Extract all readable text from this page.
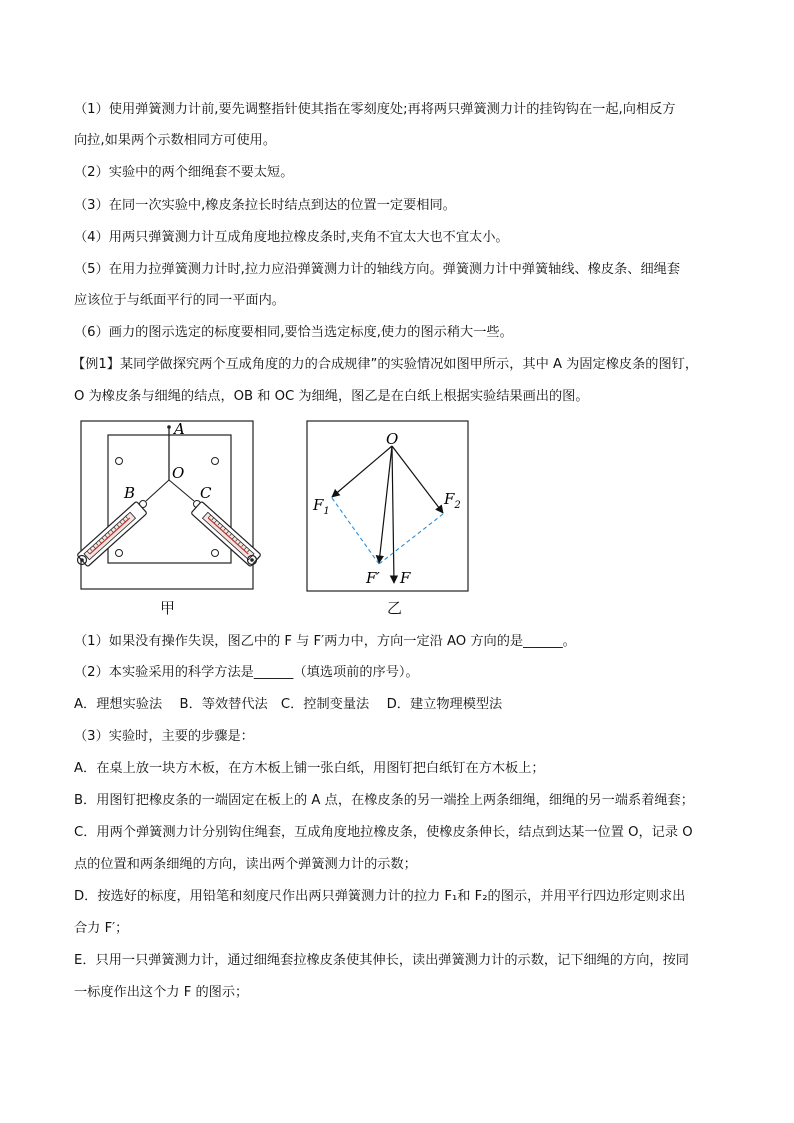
（1）使用弹簧测力计前,要先调整指针使其指在零刻度处;再将两只弹簧测力计的挂钩钩在一起,向相反方
向拉,如果两个示数相同方可使用。
（2）实验中的两个细绳套不要太短。
（3）在同一次实验中,橡皮条拉长时结点到达的位置一定要相同。
（4）用两只弹簧测力计互成角度地拉橡皮条时,夹角不宜太大也不宜太小。
（5）在用力拉弹簧测力计时,拉力应沿弹簧测力计的轴线方向。弹簧测力计中弹簧轴线、橡皮条、细绳套
应该位于与纸面平行的同一平面内。
（6）画力的图示选定的标度要相同,要恰当选定标度,使力的图示稍大一些。
【例1】某同学做探究两个互成角度的力的合成规律”的实验情况如图甲所示，其中 A 为固定橡皮条的图钉，
O 为橡皮条与细绳的结点，OB 和 OC 为细绳，图乙是在白纸上根据实验结果画出的图。
A
O
B	C
甲
O
$F_1$
$F_2$
F′ F
乙
（1）如果没有操作失误，图乙中的 F 与 F′两力中，方向一定沿 AO 方向的是______。
（2）本实验采用的科学方法是______（填选项前的序号）。
A．理想实验法　 B．等效替代法　C．控制变量法　 D．建立物理模型法
（3）实验时，主要的步骤是：
A．在桌上放一块方木板，在方木板上铺一张白纸，用图钉把白纸钉在方木板上；
B．用图钉把橡皮条的一端固定在板上的 A 点，在橡皮条的另一端拴上两条细绳，细绳的另一端系着绳套；
C．用两个弹簧测力计分别钩住绳套，互成角度地拉橡皮条，使橡皮条伸长，结点到达某一位置 O，记录 O
点的位置和两条细绳的方向，读出两个弹簧测力计的示数；
D．按选好的标度，用铅笔和刻度尺作出两只弹簧测力计的拉力 F₁和 F₂的图示，并用平行四边形定则求出
合力 F′；
E．只用一只弹簧测力计，通过细绳套拉橡皮条使其伸长，读出弹簧测力计的示数，记下细绳的方向，按同
一标度作出这个力 F 的图示；
